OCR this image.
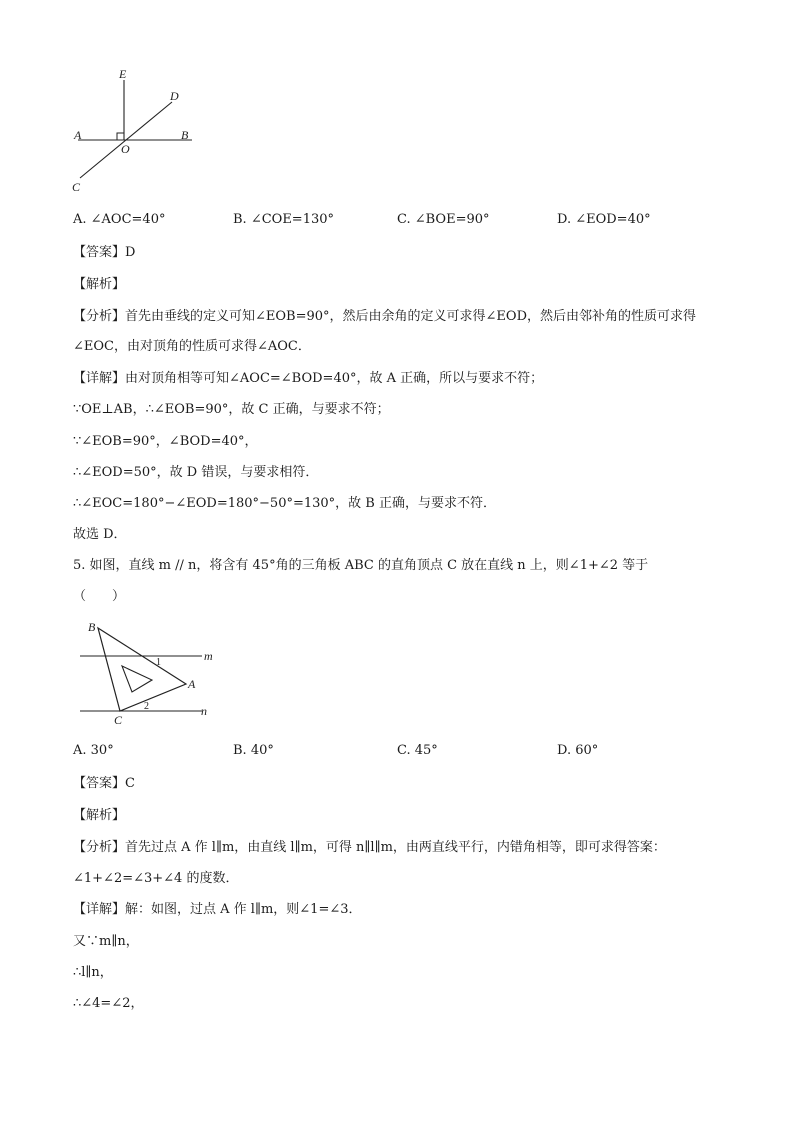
E
D
A	B
O
C
A. ∠AOC=40°	B. ∠COE=130°	C. ∠BOE=90°	D. ∠EOD=40°
【答案】D
【解析】
【分析】首先由垂线的定义可知∠EOB=90°，然后由余角的定义可求得∠EOD，然后由邻补角的性质可求得
∠EOC，由对顶角的性质可求得∠AOC．
【详解】由对顶角相等可知∠AOC=∠BOD=40°，故 A 正确，所以与要求不符；
∵OE⊥AB，∴∠EOB=90°，故 C 正确，与要求不符；
∵∠EOB=90°，∠BOD=40°，
∴∠EOD=50°，故 D 错误，与要求相符．
∴∠EOC=180°−∠EOD=180°−50°=130°，故 B 正确，与要求不符．
故选 D．
5. 如图，直线 m // n，将含有 45°角的三角板 ABC 的直角顶点 C 放在直线 n 上，则∠1+∠2 等于
（　　）
B
m
A
C
n
1
2
A. 30°	B. 40°	C. 45°	D. 60°
【答案】C
【解析】
【分析】首先过点 A 作 l∥m，由直线 l∥m，可得 n∥l∥m，由两直线平行，内错角相等，即可求得答案：
∠1+∠2=∠3+∠4 的度数．
【详解】解：如图，过点 A 作 l∥m，则∠1=∠3．
又∵m∥n，
∴l∥n，
∴∠4=∠2，
